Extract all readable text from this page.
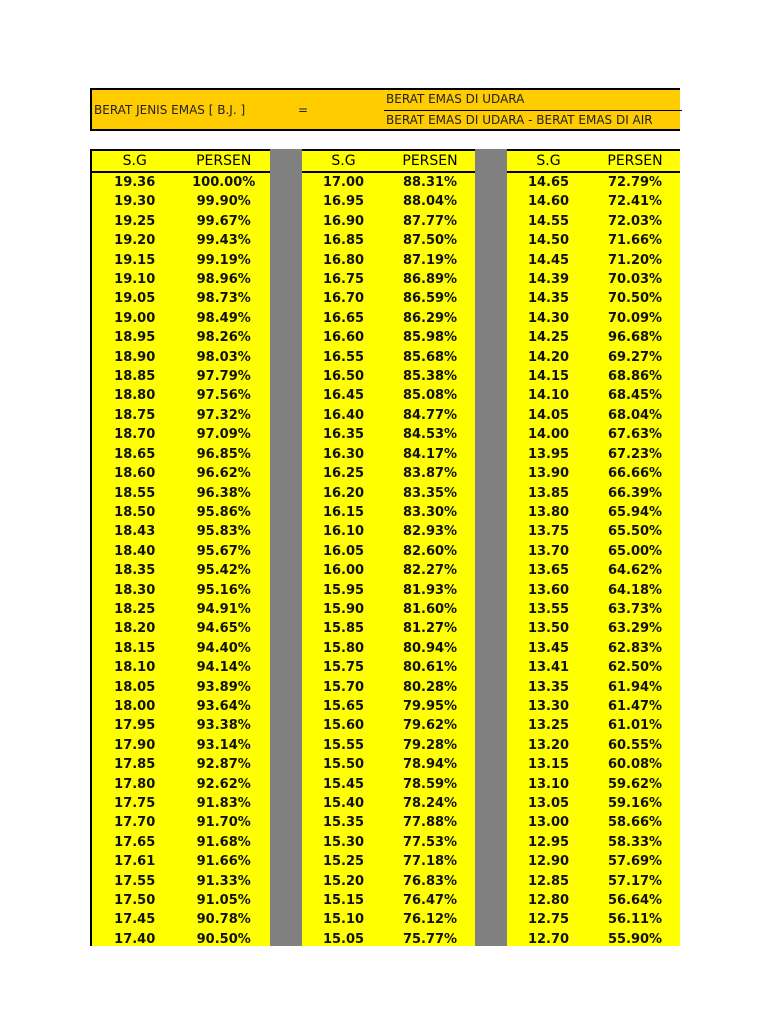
BERAT JENIS EMAS [ B.J. ]	=
BERAT EMAS DI UDARA
BERAT EMAS DI UDARA - BERAT EMAS DI AIR
S.G	PERSEN
19.36	100.00%
19.30	99.90%
19.25	99.67%
19.20	99.43%
19.15	99.19%
19.10	98.96%
19.05	98.73%
19.00	98.49%
18.95	98.26%
18.90	98.03%
18.85	97.79%
18.80	97.56%
18.75	97.32%
18.70	97.09%
18.65	96.85%
18.60	96.62%
18.55	96.38%
18.50	95.86%
18.43	95.83%
18.40	95.67%
18.35	95.42%
18.30	95.16%
18.25	94.91%
18.20	94.65%
18.15	94.40%
18.10	94.14%
18.05	93.89%
18.00	93.64%
17.95	93.38%
17.90	93.14%
17.85	92.87%
17.80	92.62%
17.75	91.83%
17.70	91.70%
17.65	91.68%
17.61	91.66%
17.55	91.33%
17.50	91.05%
17.45	90.78%
17.40	90.50%
S.G	PERSEN
17.00	88.31%
16.95	88.04%
16.90	87.77%
16.85	87.50%
16.80	87.19%
16.75	86.89%
16.70	86.59%
16.65	86.29%
16.60	85.98%
16.55	85.68%
16.50	85.38%
16.45	85.08%
16.40	84.77%
16.35	84.53%
16.30	84.17%
16.25	83.87%
16.20	83.35%
16.15	83.30%
16.10	82.93%
16.05	82.60%
16.00	82.27%
15.95	81.93%
15.90	81.60%
15.85	81.27%
15.80	80.94%
15.75	80.61%
15.70	80.28%
15.65	79.95%
15.60	79.62%
15.55	79.28%
15.50	78.94%
15.45	78.59%
15.40	78.24%
15.35	77.88%
15.30	77.53%
15.25	77.18%
15.20	76.83%
15.15	76.47%
15.10	76.12%
15.05	75.77%
S.G	PERSEN
14.65	72.79%
14.60	72.41%
14.55	72.03%
14.50	71.66%
14.45	71.20%
14.39	70.03%
14.35	70.50%
14.30	70.09%
14.25	96.68%
14.20	69.27%
14.15	68.86%
14.10	68.45%
14.05	68.04%
14.00	67.63%
13.95	67.23%
13.90	66.66%
13.85	66.39%
13.80	65.94%
13.75	65.50%
13.70	65.00%
13.65	64.62%
13.60	64.18%
13.55	63.73%
13.50	63.29%
13.45	62.83%
13.41	62.50%
13.35	61.94%
13.30	61.47%
13.25	61.01%
13.20	60.55%
13.15	60.08%
13.10	59.62%
13.05	59.16%
13.00	58.66%
12.95	58.33%
12.90	57.69%
12.85	57.17%
12.80	56.64%
12.75	56.11%
12.70	55.90%
